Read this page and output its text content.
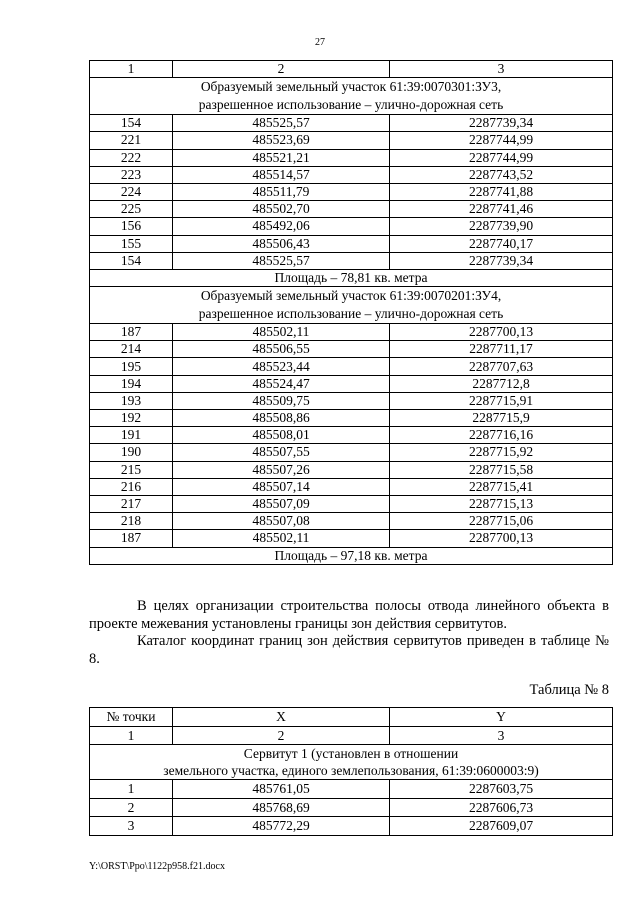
27
1	2	3

Образуемый земельный участок 61:39:0070301:ЗУ3,
разрешенное использование – улично-дорожная сеть		

154	485525,57	2287739,34
221	485523,69	2287744,99
222	485521,21	2287744,99
223	485514,57	2287743,52
224	485511,79	2287741,88
225	485502,70	2287741,46
156	485492,06	2287739,90
155	485506,43	2287740,17
154	485525,57	2287739,34
Площадь – 78,81 кв. метра		

Образуемый земельный участок 61:39:0070201:ЗУ4,
разрешенное использование – улично-дорожная сеть		

187	485502,11	2287700,13
214	485506,55	2287711,17
195	485523,44	2287707,63
194	485524,47	2287712,8
193	485509,75	2287715,91
192	485508,86	2287715,9
191	485508,01	2287716,16
190	485507,55	2287715,92
215	485507,26	2287715,58
216	485507,14	2287715,41
217	485507,09	2287715,13
218	485507,08	2287715,06
187	485502,11	2287700,13
Площадь – 97,18 кв. метра		
В целях организации строительства полосы отвода линейного объекта в проекте межевания установлены границы зон действия сервитутов.
Каталог координат границ зон действия сервитутов приведен в таблице № 8.
Таблица № 8
№ точки	X	Y
1	2	3

Сервитут 1 (установлен в отношении
земельного участка, единого землепользования, 61:39:0600003:9)		

1	485761,05	2287603,75
2	485768,69	2287606,73
3	485772,29	2287609,07
Y:\ORST\Ppo\1122p958.f21.docx
